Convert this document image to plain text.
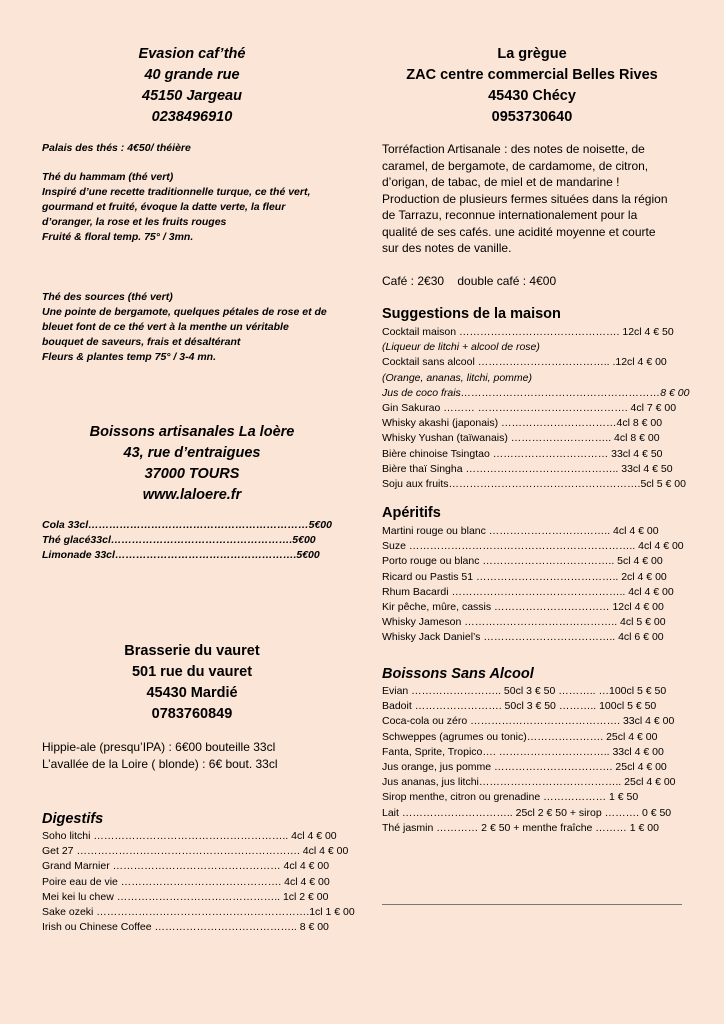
Evasion caf’thé
40 grande rue
45150 Jargeau
0238496910
Palais des thés : 4€50/ théière
Thé du hammam (thé vert)
Inspiré d’une recette traditionnelle turque, ce thé vert,
gourmand et fruité, évoque la datte verte, la fleur
d’oranger, la rose et les fruits rouges
Fruité & floral temp. 75° / 3mn.
Thé des sources (thé vert)
Une pointe de bergamote, quelques pétales de rose et de
bleuet font de ce thé vert à la menthe un véritable
bouquet de saveurs, frais et désaltérant
Fleurs & plantes temp 75° / 3-4 mn.
Boissons artisanales La loère
43, rue d’entraigues
37000 TOURS
www.laloere.fr
Cola 33cl………………………………………………………5€00
Thé glacé33cl…………………………………………….5€00
Limonade 33cl…………………………………………….5€00
Brasserie du vauret
501 rue du vauret
45430 Mardié
0783760849
Hippie-ale (presqu’IPA) : 6€00 bouteille 33cl
L’avallée de la Loire ( blonde) : 6€ bout. 33cl
Digestifs
Soho litchi ……………………………………………….. 4cl 4 € 00
Get 27 ………………………………………………………. 4cl 4 € 00
Grand Marnier ………………………………………… 4cl 4 € 00
Poire eau de vie ………………………………………. 4cl 4 € 00
Mei kei lu chew ……………………………………….. 1cl 2 € 00
Sake ozeki …………………………………………………….1cl 1 € 00
Irish ou Chinese Coffee ………………………………….. 8 € 00
La grègue
ZAC centre commercial Belles Rives
45430 Chécy
0953730640
Torréfaction Artisanale : des notes de noisette, de
caramel, de bergamote, de cardamome, de citron,
d’origan, de tabac, de miel et de mandarine !
Production de plusieurs fermes situées dans la région
de Tarrazu, reconnue internationalement pour la
qualité de ses cafés. une acidité moyenne et courte
sur des notes de vanille.
Café : 2€30    double café : 4€00
Suggestions de la maison
Cocktail maison ………………………………………. 12cl 4 € 50
(Liqueur de litchi + alcool de rose)
Cocktail sans alcool ……………………………….. .12cl 4 € 00
(Orange, ananas, litchi, pomme)
Jus de coco frais…………………………………………………8 € 00
Gin Sakurao ……… ……………………………………. 4cl 7 € 00
Whisky akashi (japonais) ……………………………4cl 8 € 00
Whisky Yushan (taïwanais) ……………………….. 4cl 8 € 00
Bière chinoise Tsingtao …………………………… 33cl 4 € 50
Bière thaï Singha …………………………………….. 33cl 4 € 50
Soju aux fruits……………………………………………….5cl 5 € 00
Apéritifs
Martini rouge ou blanc …………………………….. 4cl 4 € 00
Suze ……………………………………………………….. 4cl 4 € 00
Porto rouge ou blanc ……………………………….. 5cl 4 € 00
Ricard ou Pastis 51 ………………………………….. 2cl 4 € 00
Rhum Bacardi ………………………………………….. 4cl 4 € 00
Kir pêche, mûre, cassis …………………………… 12cl 4 € 00
Whisky Jameson …………………………………….. 4cl 5 € 00
Whisky Jack Daniel’s ……………………………….. 4cl 6 € 00
Boissons Sans Alcool
Evian …………………….. 50cl 3 € 50 ……….. …100cl 5 € 50
Badoit ……………………. 50cl 3 € 50 ……….. 100cl 5 € 50
Coca-cola ou zéro ……………………………………. 33cl 4 € 00
Schweppes (agrumes ou tonic)…………………. 25cl 4 € 00
Fanta, Sprite, Tropico…. ………………………….. 33cl 4 € 00
Jus orange, jus pomme ……………………………. 25cl 4 € 00
Jus ananas, jus litchi………………………………….. 25cl 4 € 00
Sirop menthe, citron ou grenadine ……………… 1 € 50
Lait ………………………….. 25cl 2 € 50 + sirop ………. 0 € 50
Thé jasmin ………… 2 € 50 + menthe fraîche ……… 1 € 00
